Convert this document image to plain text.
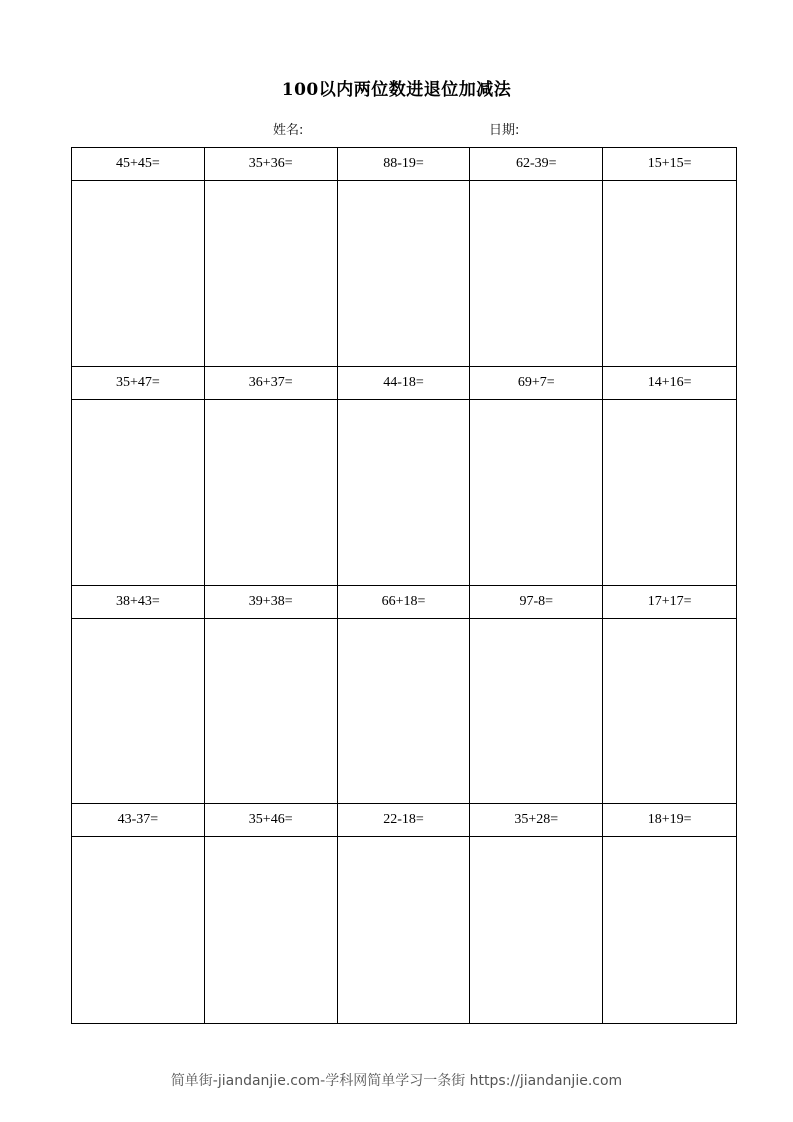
100以内两位数进退位加减法
姓名:	日期:
45+45=	35+36=	88-19=	62-39=	15+15=
35+47=	36+37=	44-18=	69+7=	14+16=
38+43=	39+38=	66+18=	97-8=	17+17=
43-37=	35+46=	22-18=	35+28=	18+19=
简单街-jiandanjie.com-学科网简单学习一条街 https://jiandanjie.com
